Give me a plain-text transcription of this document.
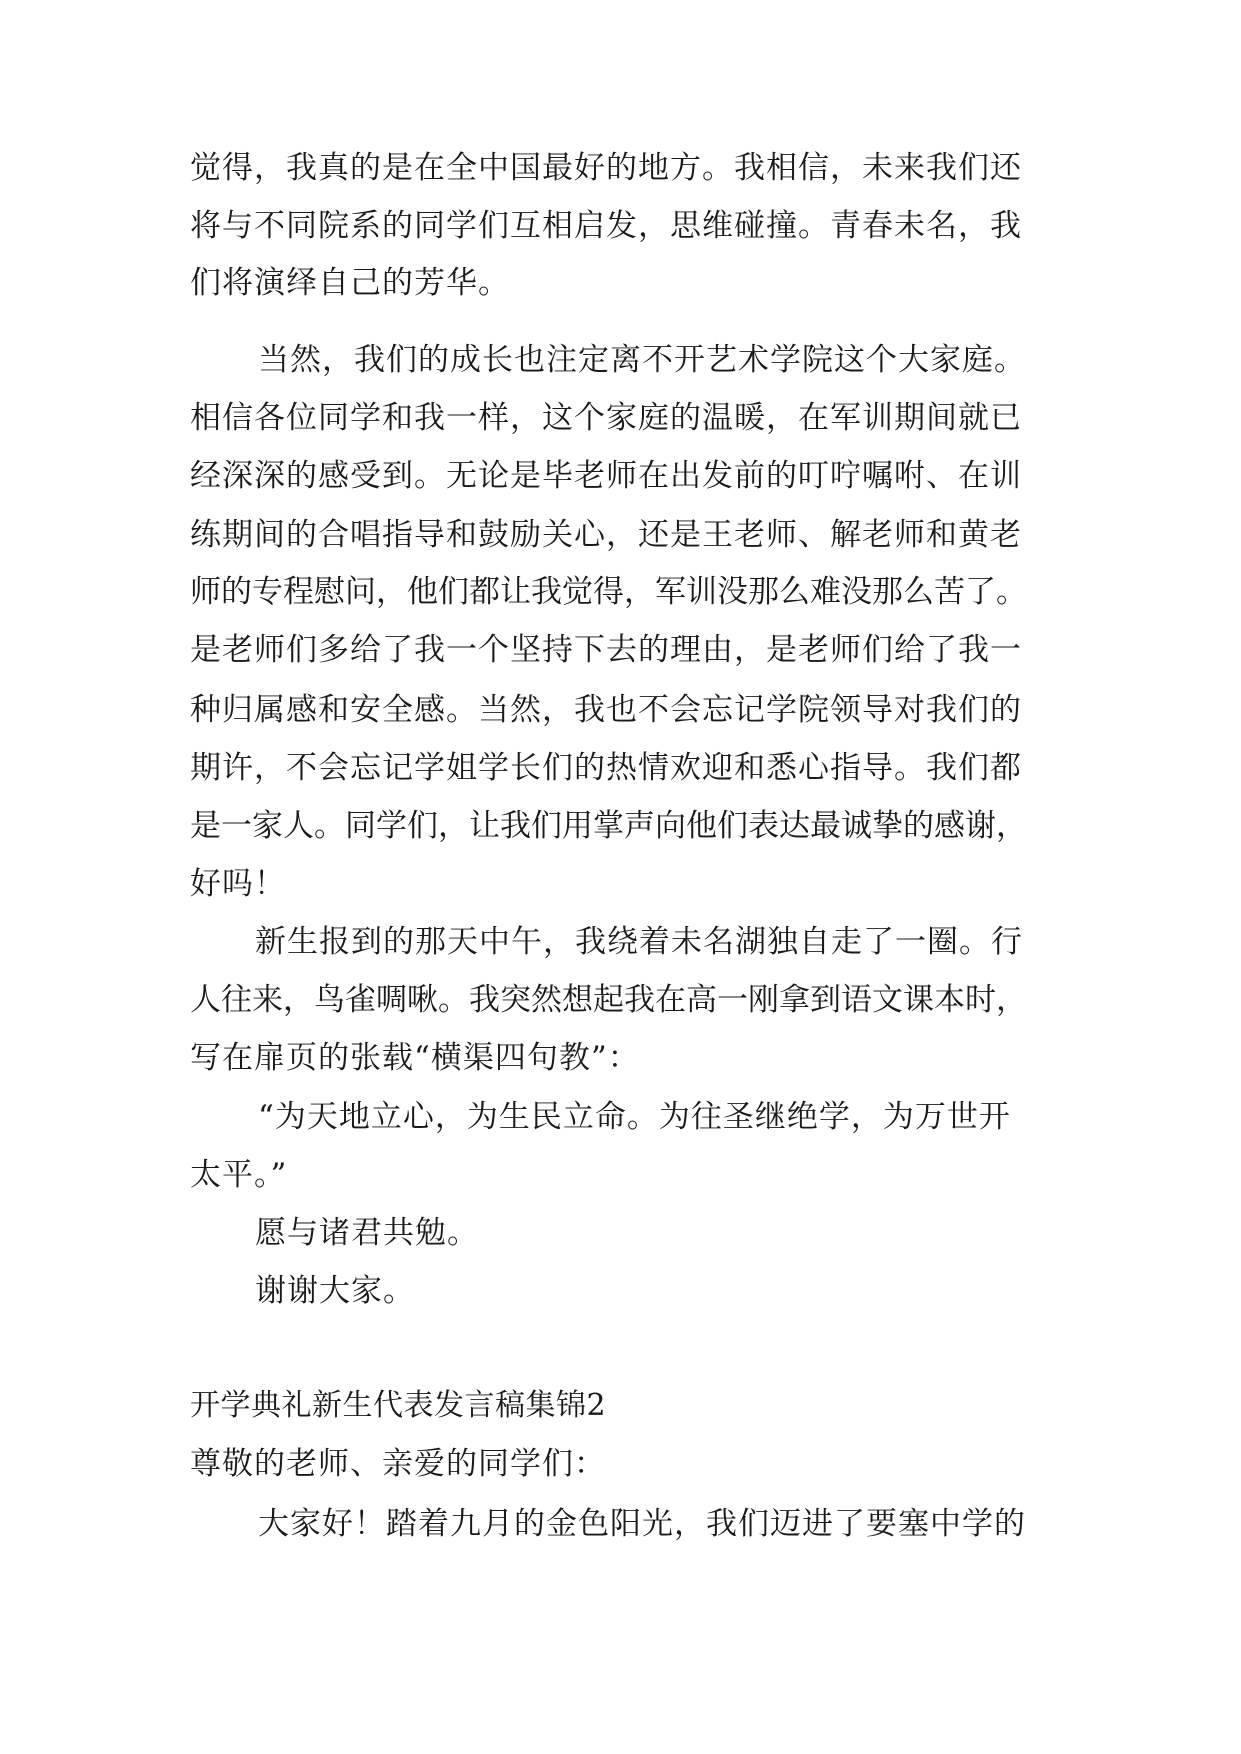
觉得，我真的是在全中国最好的地方。我相信，未来我们还
将与不同院系的同学们互相启发，思维碰撞。青春未名，我
们将演绎自己的芳华。
当然，我们的成长也注定离不开艺术学院这个大家庭。
相信各位同学和我一样，这个家庭的温暖，在军训期间就已
经深深的感受到。无论是毕老师在出发前的叮咛嘱咐、在训
练期间的合唱指导和鼓励关心，还是王老师、解老师和黄老
师的专程慰问，他们都让我觉得，军训没那么难没那么苦了。
是老师们多给了我一个坚持下去的理由，是老师们给了我一
种归属感和安全感。当然，我也不会忘记学院领导对我们的
期许，不会忘记学姐学长们的热情欢迎和悉心指导。我们都
是一家人。同学们，让我们用掌声向他们表达最诚挚的感谢，
好吗！
新生报到的那天中午，我绕着未名湖独自走了一圈。行
人往来，鸟雀啁啾。我突然想起我在高一刚拿到语文课本时，
写在扉页的张载“横渠四句教”：
“为天地立心，为生民立命。为往圣继绝学，为万世开
太平。”
愿与诸君共勉。
谢谢大家。
开学典礼新生代表发言稿集锦2
尊敬的老师、亲爱的同学们：
大家好！踏着九月的金色阳光，我们迈进了要塞中学的
